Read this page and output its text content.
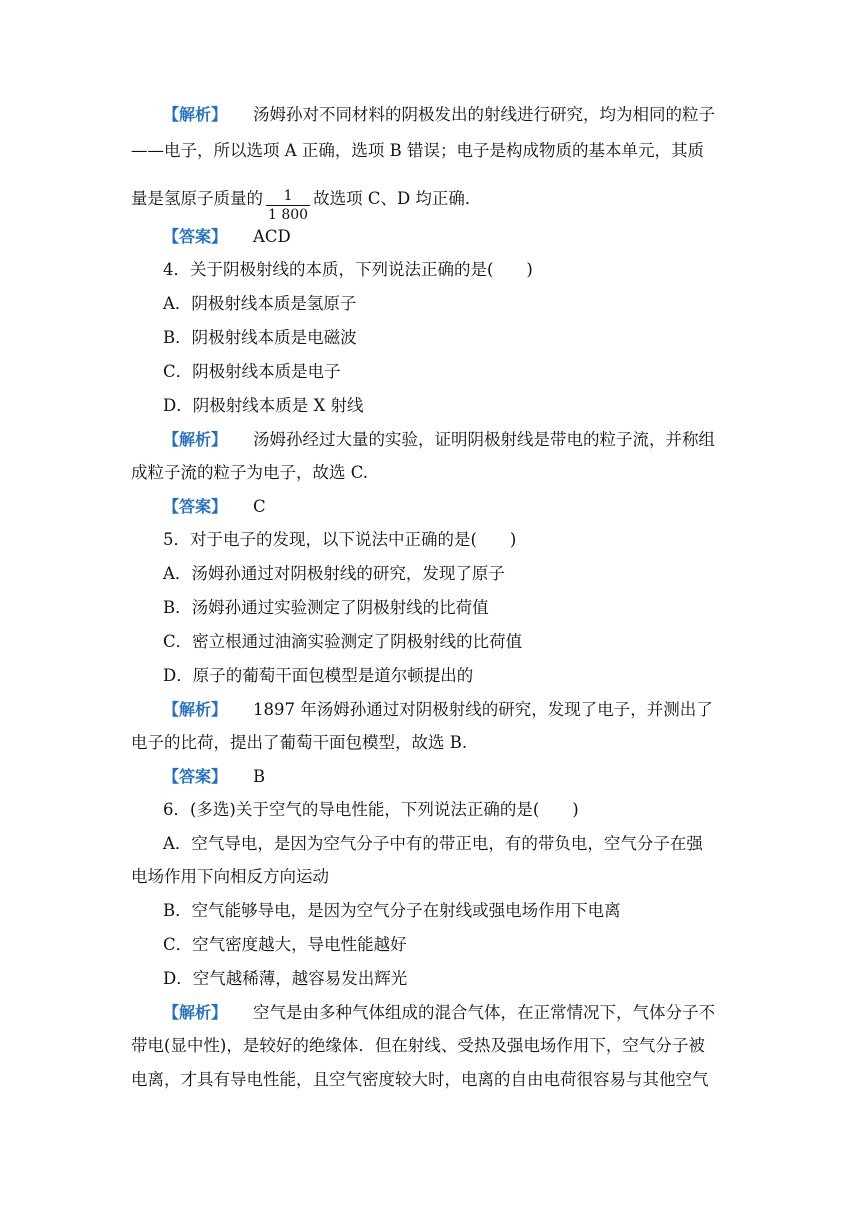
【解析】 汤姆孙对不同材料的阴极发出的射线进行研究，均为相同的粒子
——电子，所以选项 A 正确，选项 B 错误；电子是构成物质的基本单元，其质
量是氢原子质量的 $\frac{1}{1 800}$ 故选项 C、D 均正确．
【答案】 ACD
4．关于阴极射线的本质，下列说法正确的是(　　)
A．阴极射线本质是氢原子
B．阴极射线本质是电磁波
C．阴极射线本质是电子
D．阴极射线本质是 X 射线
【解析】 汤姆孙经过大量的实验，证明阴极射线是带电的粒子流，并称组
成粒子流的粒子为电子，故选 C.
【答案】 C
5．对于电子的发现，以下说法中正确的是(　　)
A．汤姆孙通过对阴极射线的研究，发现了原子
B．汤姆孙通过实验测定了阴极射线的比荷值
C．密立根通过油滴实验测定了阴极射线的比荷值
D．原子的葡萄干面包模型是道尔顿提出的
【解析】 1897 年汤姆孙通过对阴极射线的研究，发现了电子，并测出了
电子的比荷，提出了葡萄干面包模型，故选 B.
【答案】 B
6．(多选)关于空气的导电性能，下列说法正确的是(　　)
A．空气导电，是因为空气分子中有的带正电，有的带负电，空气分子在强
电场作用下向相反方向运动
B．空气能够导电，是因为空气分子在射线或强电场作用下电离
C．空气密度越大，导电性能越好
D．空气越稀薄，越容易发出辉光
【解析】 空气是由多种气体组成的混合气体，在正常情况下，气体分子不
带电(显中性)，是较好的绝缘体．但在射线、受热及强电场作用下，空气分子被
电离，才具有导电性能，且空气密度较大时，电离的自由电荷很容易与其他空气
